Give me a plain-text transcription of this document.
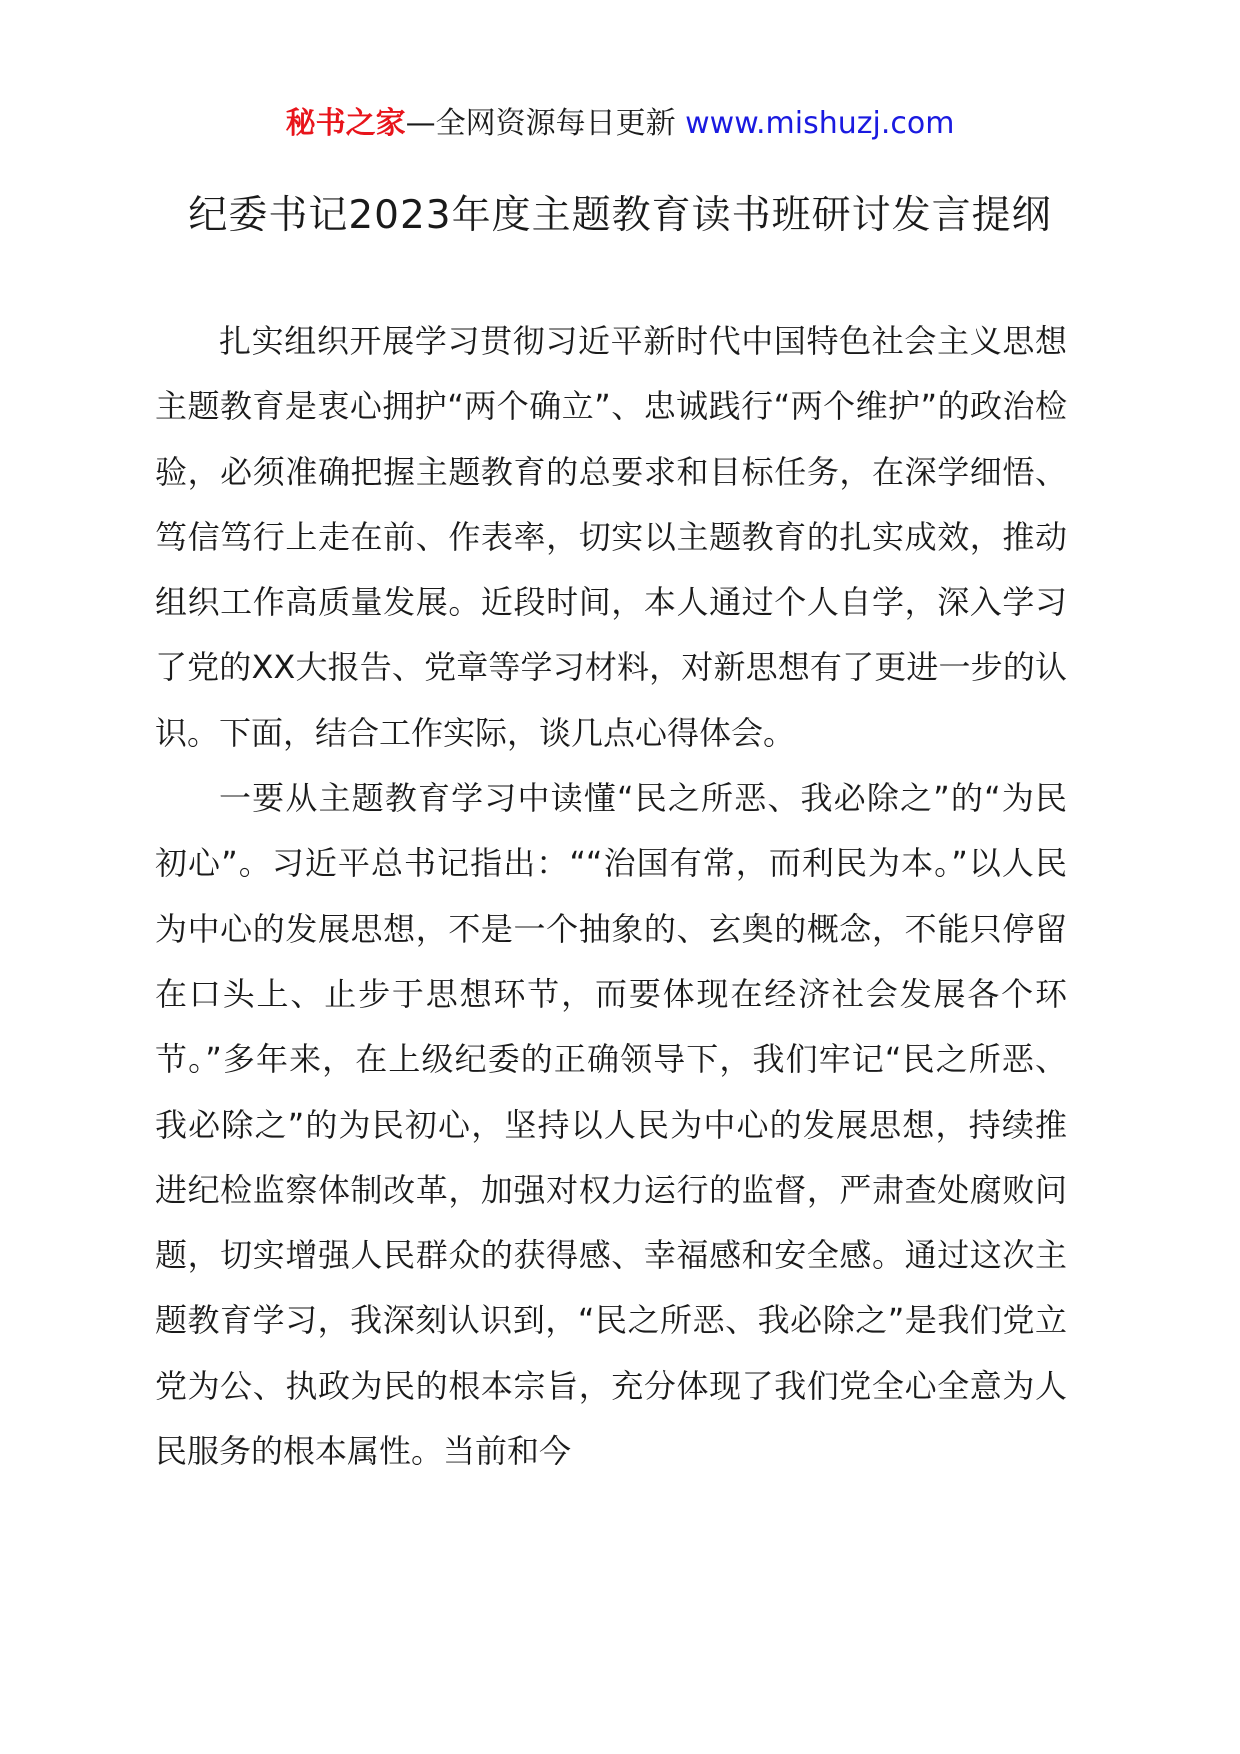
秘书之家—全网资源每日更新 www.mishuzj.com
纪委书记2023年度主题教育读书班研讨发言提纲

扎实组织开展学习贯彻习近平新时代中国特色社会主义思想主题教育是衷心拥护“两个确立”、忠诚践行“两个维护”的政治检验，必须准确把握主题教育的总要求和目标任务，在深学细悟、笃信笃行上走在前、作表率，切实以主题教育的扎实成效，推动组织工作高质量发展。近段时间，本人通过个人自学，深入学习了党的XX大报告、党章等学习材料，对新思想有了更进一步的认识。下面，结合工作实际，谈几点心得体会。

一要从主题教育学习中读懂“民之所恶、我必除之”的“为民初心”。习近平总书记指出：““治国有常，而利民为本。”以人民为中心的发展思想，不是一个抽象的、玄奥的概念，不能只停留在口头上、止步于思想环节，而要体现在经济社会发展各个环节。”多年来，在上级纪委的正确领导下，我们牢记“民之所恶、我必除之”的为民初心，坚持以人民为中心的发展思想，持续推进纪检监察体制改革，加强对权力运行的监督，严肃查处腐败问题，切实增强人民群众的获得感、幸福感和安全感。通过这次主题教育学习，我深刻认识到，“民之所恶、我必除之”是我们党立党为公、执政为民的根本宗旨，充分体现了我们党全心全意为人民服务的根本属性。当前和今
